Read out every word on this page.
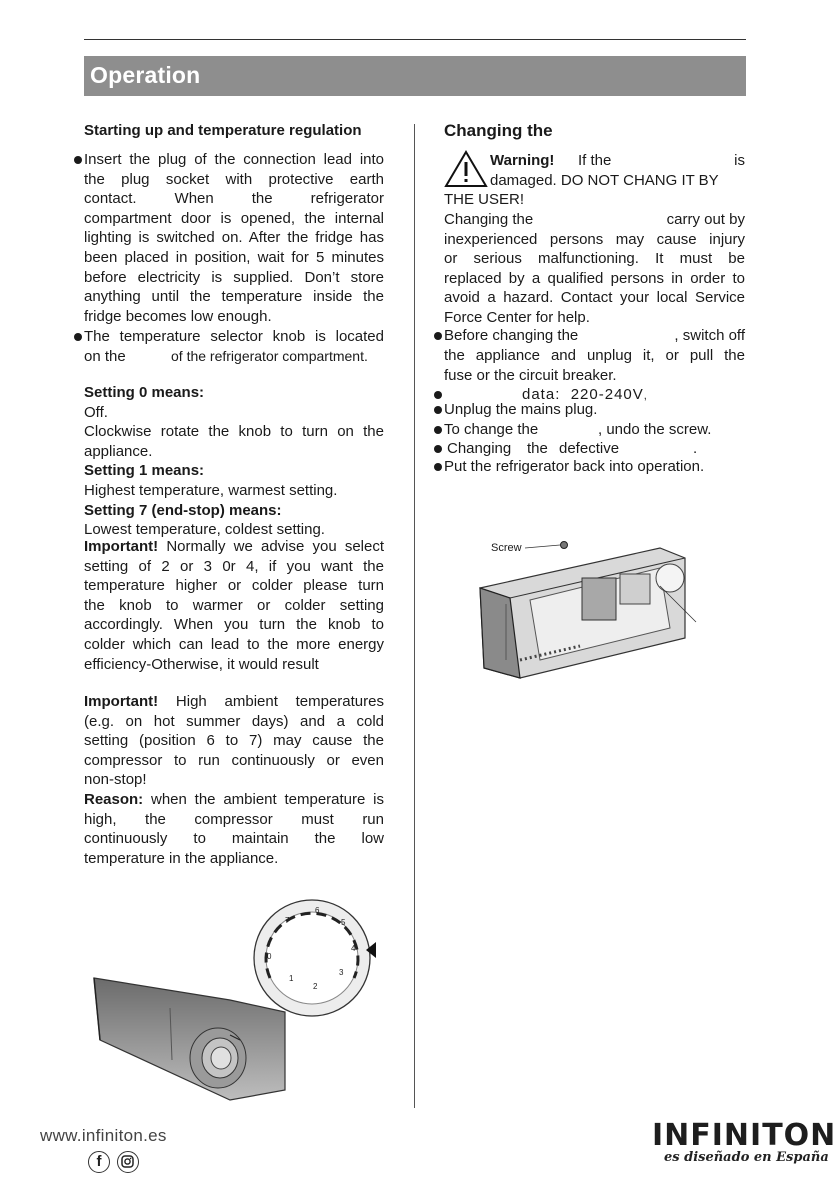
Operation
Starting up and temperature regulation
Insert the plug of the connection lead into
the plug socket with protective earth
contact. When the refrigerator
compartment door is opened, the internal
lighting is switched on. After the fridge has
been placed in position, wait for 5 minutes
before electricity is supplied. Don’t store
anything until the temperature inside the
fridge becomes low enough.
The temperature selector knob is located
on the	of the refrigerator compartment.
Setting 0 means:
Off.
Clockwise rotate the knob to turn on the
appliance.
Setting 1 means:
Highest temperature, warmest setting.
Setting 7 (end-stop) means:
Lowest temperature, coldest setting.
Important! Normally we advise you select
setting of 2 or 3 0r 4, if you want the
temperature higher or colder please turn
the knob to warmer or colder setting
accordingly. When you turn the knob to
colder which can lead to the more energy
efficiency-Otherwise, it would result
Important! High ambient temperatures
(e.g. on hot summer days) and a cold
setting (position 6 to 7) may cause the
compressor to run continuously or even
non-stop!
Reason: when the ambient temperature is
high, the compressor must run
continuously to maintain the low
temperature in the appliance.
0
1
2
3
4
5
6
7
Changing the
Warning! If the	is
damaged. DO NOT CHANG IT BY
THE USER!
Changing the	carry out by
inexperienced persons may cause injury
or serious malfunctioning. It must be
replaced by a qualified persons in order to
avoid a hazard. Contact your local Service
Force Center for help.
Before changing the	, switch off
the appliance and unplug it, or pull the
fuse or the circuit breaker.
data: 220-240V,
Unplug the mains plug.
To change the	, undo the screw.
Changing the defective	.
Put the refrigerator back into operation.
Screw
www.infiniton.es
f
INFINITON
es diseñado en España
